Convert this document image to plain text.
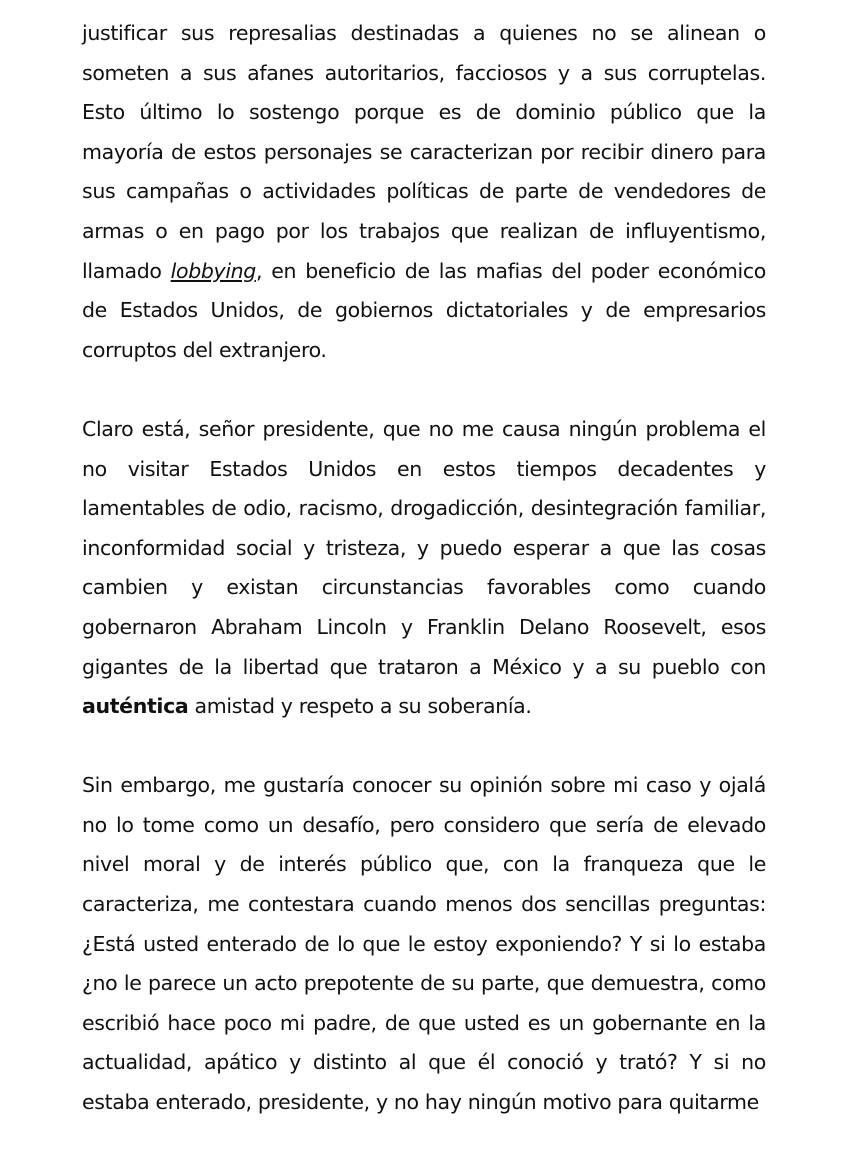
justificar sus represalias destinadas a quienes no se alinean o someten a sus afanes autoritarios, facciosos y a sus corruptelas. Esto último lo sostengo porque es de dominio público que la mayoría de estos personajes se caracterizan por recibir dinero para sus campañas o actividades políticas de parte de vendedores de armas o en pago por los trabajos que realizan de influyentismo, llamado lobbying, en beneficio de las mafias del poder económico de Estados Unidos, de gobiernos dictatoriales y de empresarios corruptos del extranjero.

Claro está, señor presidente, que no me causa ningún problema el no visitar Estados Unidos en estos tiempos decadentes y lamentables de odio, racismo, drogadicción, desintegración familiar, inconformidad social y tristeza, y puedo esperar a que las cosas cambien y existan circunstancias favorables como cuando gobernaron Abraham Lincoln y Franklin Delano Roosevelt, esos gigantes de la libertad que trataron a México y a su pueblo con auténtica amistad y respeto a su soberanía.

Sin embargo, me gustaría conocer su opinión sobre mi caso y ojalá no lo tome como un desafío, pero considero que sería de elevado nivel moral y de interés público que, con la franqueza que le caracteriza, me contestara cuando menos dos sencillas preguntas: ¿Está usted enterado de lo que le estoy exponiendo? Y si lo estaba ¿no le parece un acto prepotente de su parte, que demuestra, como escribió hace poco mi padre, de que usted es un gobernante en la actualidad, apático y distinto al que él conoció y trató? Y si no estaba enterado, presidente, y no hay ningún motivo para quitarme
